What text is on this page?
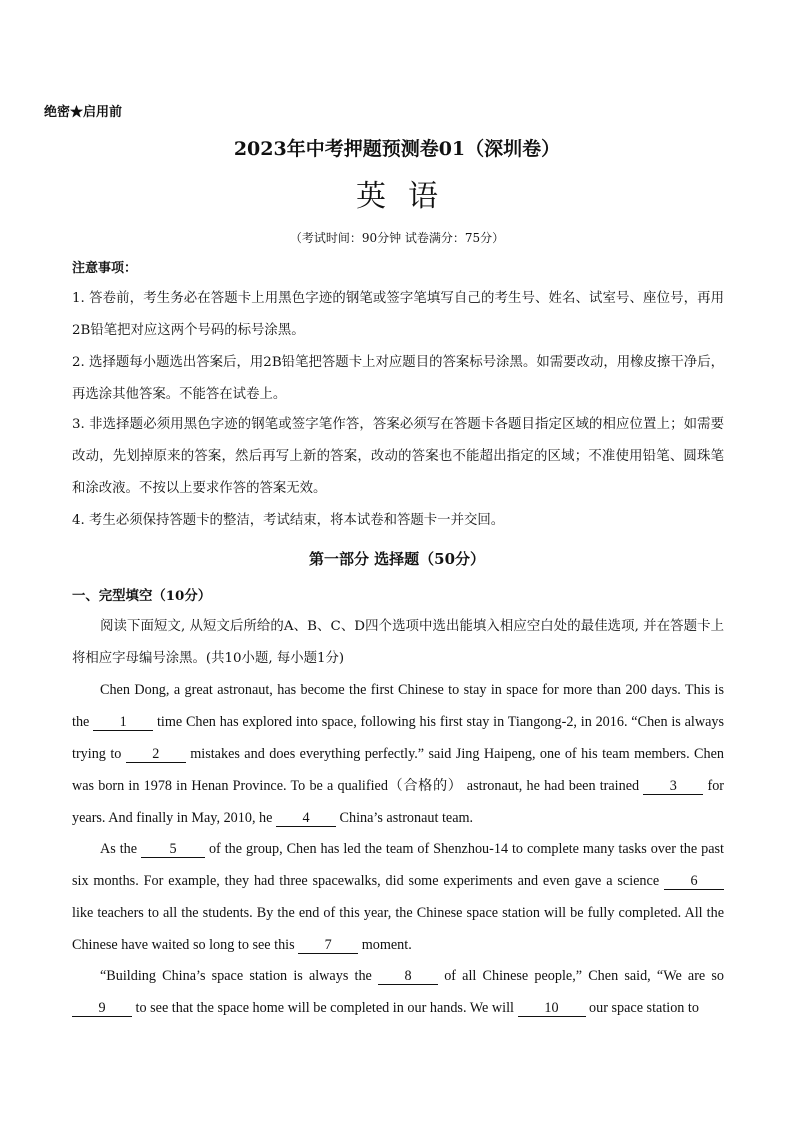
绝密★启用前
2023年中考押题预测卷01（深圳卷）
英语
（考试时间：90分钟 试卷满分：75分）
注意事项：
1. 答卷前，考生务必在答题卡上用黑色字迹的钢笔或签字笔填写自己的考生号、姓名、试室号、座位号，再用2B铅笔把对应这两个号码的标号涂黑。
2. 选择题每小题选出答案后，用2B铅笔把答题卡上对应题目的答案标号涂黑。如需要改动，用橡皮擦干净后，再选涂其他答案。不能答在试卷上。
3. 非选择题必须用黑色字迹的钢笔或签字笔作答，答案必须写在答题卡各题目指定区域的相应位置上；如需要改动，先划掉原来的答案，然后再写上新的答案，改动的答案也不能超出指定的区域；不准使用铅笔、圆珠笔和涂改液。不按以上要求作答的答案无效。
4. 考生必须保持答题卡的整洁，考试结束，将本试卷和答题卡一并交回。
第一部分 选择题（50分）
一、完型填空（10分）
阅读下面短文, 从短文后所给的A、B、C、D四个选项中选出能填入相应空白处的最佳选项, 并在答题卡上将相应字母编号涂黑。(共10小题, 每小题1分)
Chen Dong, a great astronaut, has become the first Chinese to stay in space for more than 200 days. This is the 1 time Chen has explored into space, following his first stay in Tiangong-2, in 2016. “Chen is always trying to 2 mistakes and does everything perfectly.” said Jing Haipeng, one of his team members. Chen was born in 1978 in Henan Province. To be a qualified（合格的） astronaut, he had been trained 3 for years. And finally in May, 2010, he 4 China’s astronaut team.
As the 5 of the group, Chen has led the team of Shenzhou-14 to complete many tasks over the past six months. For example, they had three spacewalks, did some experiments and even gave a science 6 like teachers to all the students. By the end of this year, the Chinese space station will be fully completed. All the Chinese have waited so long to see this 7 moment.
“Building China’s space station is always the 8 of all Chinese people,” Chen said, “We are so 9 to see that the space home will be completed in our hands. We will 10 our space station to
